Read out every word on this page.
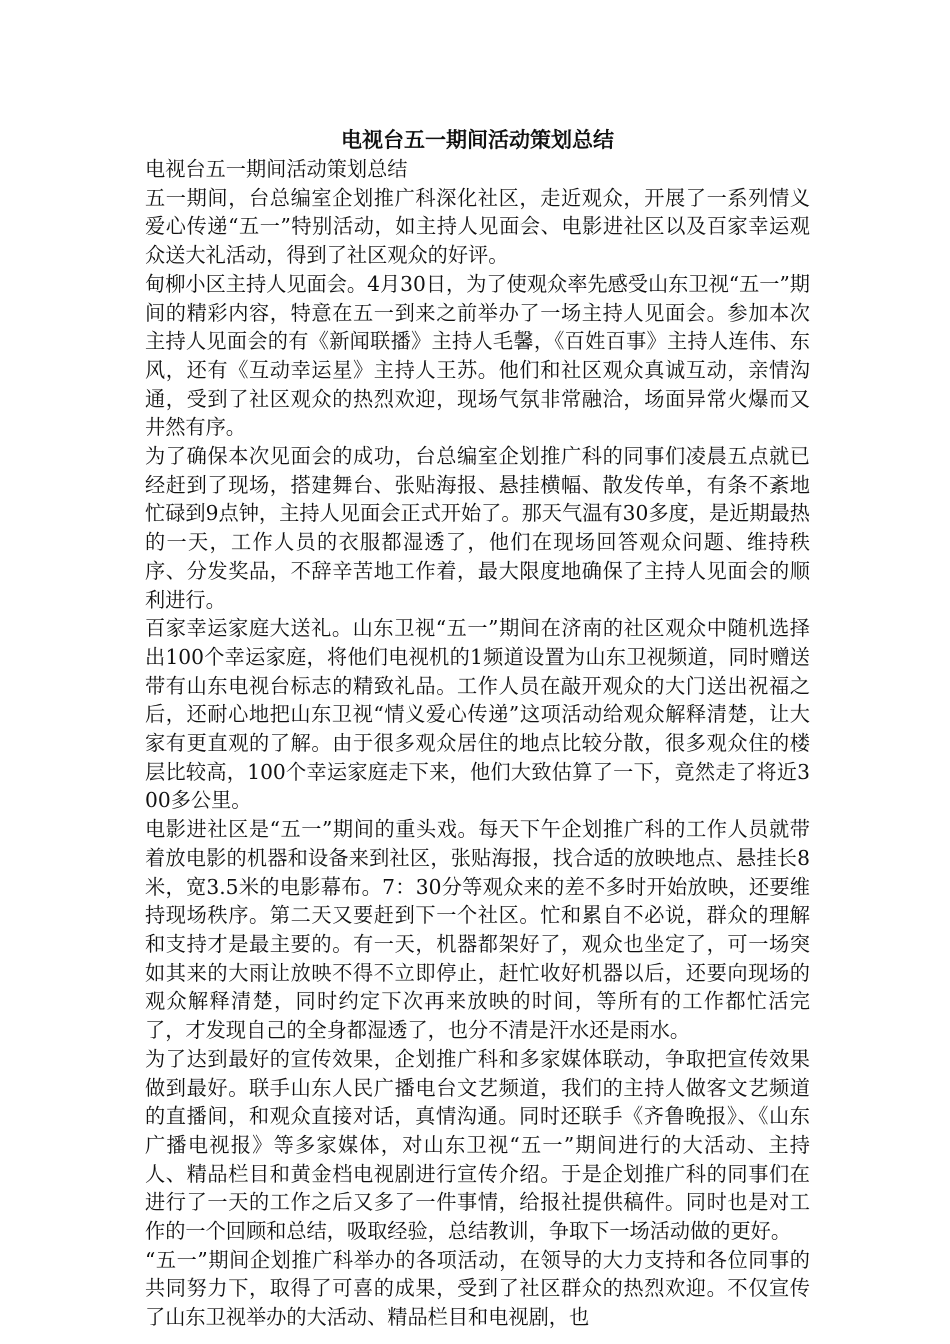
电视台五一期间活动策划总结

电视台五一期间活动策划总结

五一期间，台总编室企划推广科深化社区，走近观众，开展了一系列情义爱心传递“五一”特别活动，如主持人见面会、电影进社区以及百家幸运观众送大礼活动，得到了社区观众的好评。

甸柳小区主持人见面会。4月30日，为了使观众率先感受山东卫视“五一”期间的精彩内容，特意在五一到来之前举办了一场主持人见面会。参加本次主持人见面会的有《新闻联播》主持人毛馨，《百姓百事》主持人连伟、东风，还有《互动幸运星》主持人王苏。他们和社区观众真诚互动，亲情沟通，受到了社区观众的热烈欢迎，现场气氛非常融洽，场面异常火爆而又井然有序。

为了确保本次见面会的成功，台总编室企划推广科的同事们凌晨五点就已经赶到了现场，搭建舞台、张贴海报、悬挂横幅、散发传单，有条不紊地忙碌到9点钟，主持人见面会正式开始了。那天气温有30多度，是近期最热的一天，工作人员的衣服都湿透了，他们在现场回答观众问题、维持秩序、分发奖品，不辞辛苦地工作着，最大限度地确保了主持人见面会的顺利进行。

百家幸运家庭大送礼。山东卫视“五一”期间在济南的社区观众中随机选择出100个幸运家庭，将他们电视机的1频道设置为山东卫视频道，同时赠送带有山东电视台标志的精致礼品。工作人员在敲开观众的大门送出祝福之后，还耐心地把山东卫视“情义爱心传递”这项活动给观众解释清楚，让大家有更直观的了解。由于很多观众居住的地点比较分散，很多观众住的楼层比较高，100个幸运家庭走下来，他们大致估算了一下，竟然走了将近300多公里。

电影进社区是“五一”期间的重头戏。每天下午企划推广科的工作人员就带着放电影的机器和设备来到社区，张贴海报，找合适的放映地点、悬挂长8米，宽3.5米的电影幕布。7：30分等观众来的差不多时开始放映，还要维持现场秩序。第二天又要赶到下一个社区。忙和累自不必说，群众的理解和支持才是最主要的。有一天，机器都架好了，观众也坐定了，可一场突如其来的大雨让放映不得不立即停止，赶忙收好机器以后，还要向现场的观众解释清楚，同时约定下次再来放映的时间，等所有的工作都忙活完了，才发现自己的全身都湿透了，也分不清是汗水还是雨水。

为了达到最好的宣传效果，企划推广科和多家媒体联动，争取把宣传效果做到最好。联手山东人民广播电台文艺频道，我们的主持人做客文艺频道的直播间，和观众直接对话，真情沟通。同时还联手《齐鲁晚报》、《山东广播电视报》等多家媒体，对山东卫视“五一”期间进行的大活动、主持人、精品栏目和黄金档电视剧进行宣传介绍。于是企划推广科的同事们在进行了一天的工作之后又多了一件事情，给报社提供稿件。同时也是对工作的一个回顾和总结，吸取经验，总结教训，争取下一场活动做的更好。

“五一”期间企划推广科举办的各项活动，在领导的大力支持和各位同事的共同努力下，取得了可喜的成果，受到了社区群众的热烈欢迎。不仅宣传了山东卫视举办的大活动、精品栏目和电视剧，也
